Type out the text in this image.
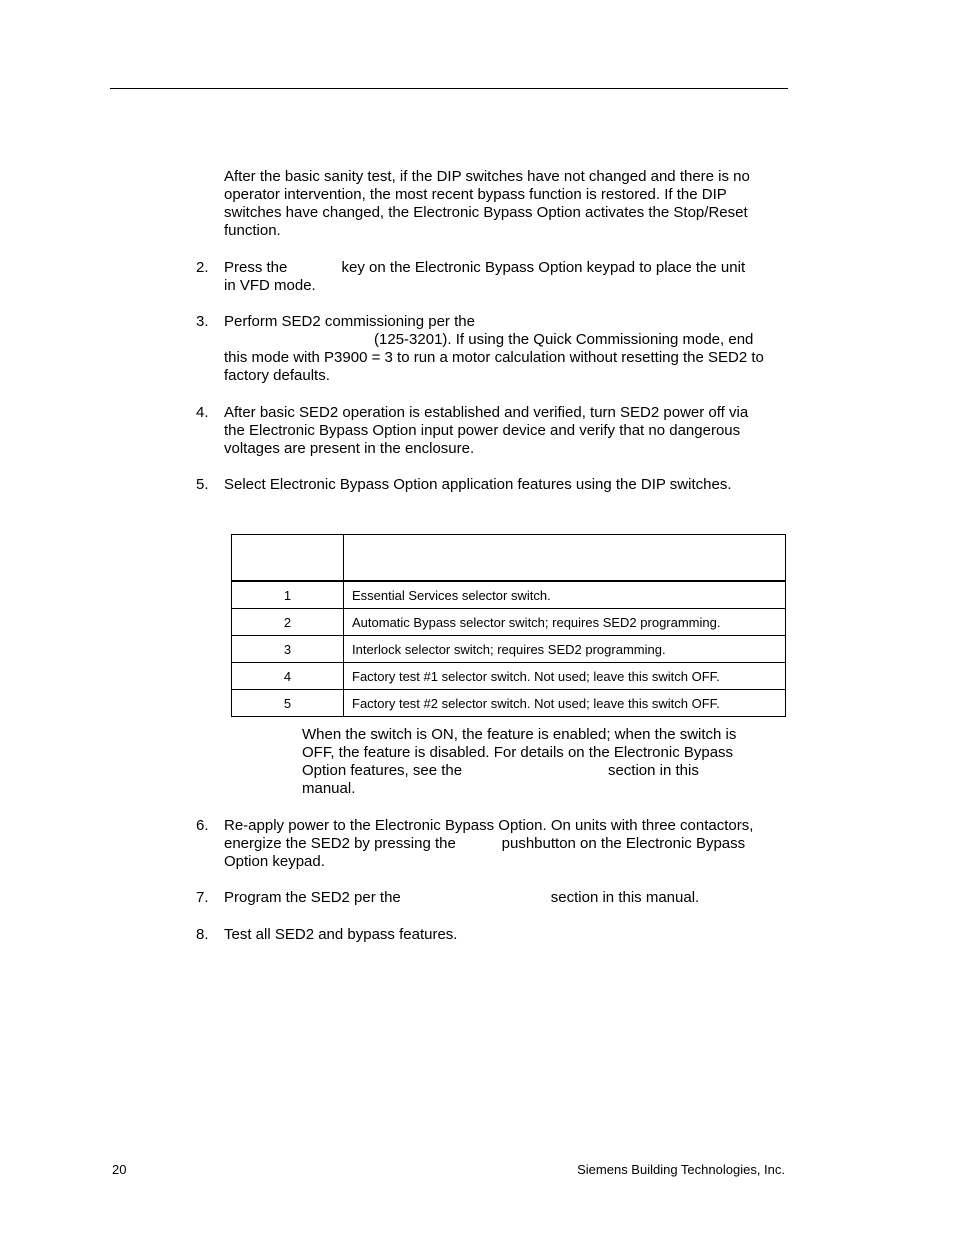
After the basic sanity test, if the DIP switches have not changed and there is no
operator intervention, the most recent bypass function is restored. If the DIP
switches have changed, the Electronic Bypass Option activates the Stop/Reset
function.
2. Press the             key on the Electronic Bypass Option keypad to place the unit
in VFD mode.
3. Perform SED2 commissioning per the
(125-3201). If using the Quick Commissioning mode, end
this mode with P3900 = 3 to run a motor calculation without resetting the SED2 to
factory defaults.
4. After basic SED2 operation is established and verified, turn SED2 power off via
the Electronic Bypass Option input power device and verify that no dangerous
voltages are present in the enclosure.
5. Select Electronic Bypass Option application features using the DIP switches.

1	Essential Services selector switch.
2	Automatic Bypass selector switch; requires SED2 programming.
3	Interlock selector switch; requires SED2 programming.
4	Factory test #1 selector switch. Not used; leave this switch OFF.
5	Factory test #2 selector switch. Not used; leave this switch OFF.
When the switch is ON, the feature is enabled; when the switch is
OFF, the feature is disabled. For details on the Electronic Bypass
Option features, see the                                   section in this
manual.
6. Re-apply power to the Electronic Bypass Option. On units with three contactors,
energize the SED2 by pressing the           pushbutton on the Electronic Bypass
Option keypad.
7. Program the SED2 per the                                    section in this manual.
8. Test all SED2 and bypass features.
20	Siemens Building Technologies, Inc.
